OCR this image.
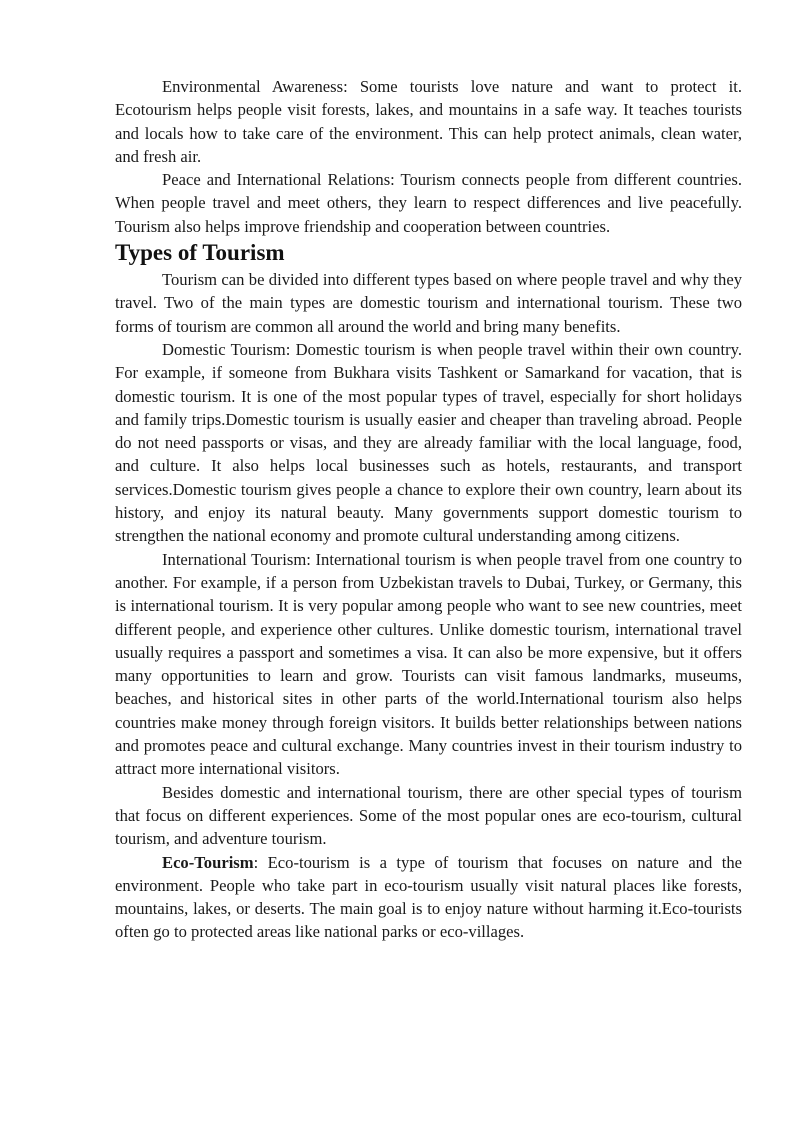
Environmental Awareness: Some tourists love nature and want to protect it. Ecotourism helps people visit forests, lakes, and mountains in a safe way. It teaches tourists and locals how to take care of the environment. This can help protect animals, clean water, and fresh air.

Peace and International Relations: Tourism connects people from different countries. When people travel and meet others, they learn to respect differences and live peacefully. Tourism also helps improve friendship and cooperation between countries.

Types of Tourism

Tourism can be divided into different types based on where people travel and why they travel. Two of the main types are domestic tourism and international tourism. These two forms of tourism are common all around the world and bring many benefits.

Domestic Tourism: Domestic tourism is when people travel within their own country. For example, if someone from Bukhara visits Tashkent or Samarkand for vacation, that is domestic tourism. It is one of the most popular types of travel, especially for short holidays and family trips.Domestic tourism is usually easier and cheaper than traveling abroad. People do not need passports or visas, and they are already familiar with the local language, food, and culture. It also helps local businesses such as hotels, restaurants, and transport services.Domestic tourism gives people a chance to explore their own country, learn about its history, and enjoy its natural beauty. Many governments support domestic tourism to strengthen the national economy and promote cultural understanding among citizens.

International Tourism: International tourism is when people travel from one country to another. For example, if a person from Uzbekistan travels to Dubai, Turkey, or Germany, this is international tourism. It is very popular among people who want to see new countries, meet different people, and experience other cultures. Unlike domestic tourism, international travel usually requires a passport and sometimes a visa. It can also be more expensive, but it offers many opportunities to learn and grow. Tourists can visit famous landmarks, museums, beaches, and historical sites in other parts of the world.International tourism also helps countries make money through foreign visitors. It builds better relationships between nations and promotes peace and cultural exchange. Many countries invest in their tourism industry to attract more international visitors.

Besides domestic and international tourism, there are other special types of tourism that focus on different experiences. Some of the most popular ones are eco-tourism, cultural tourism, and adventure tourism.

Eco-Tourism: Eco-tourism is a type of tourism that focuses on nature and the environment. People who take part in eco-tourism usually visit natural places like forests, mountains, lakes, or deserts. The main goal is to enjoy nature without harming it.Eco-tourists often go to protected areas like national parks or eco-villages.
